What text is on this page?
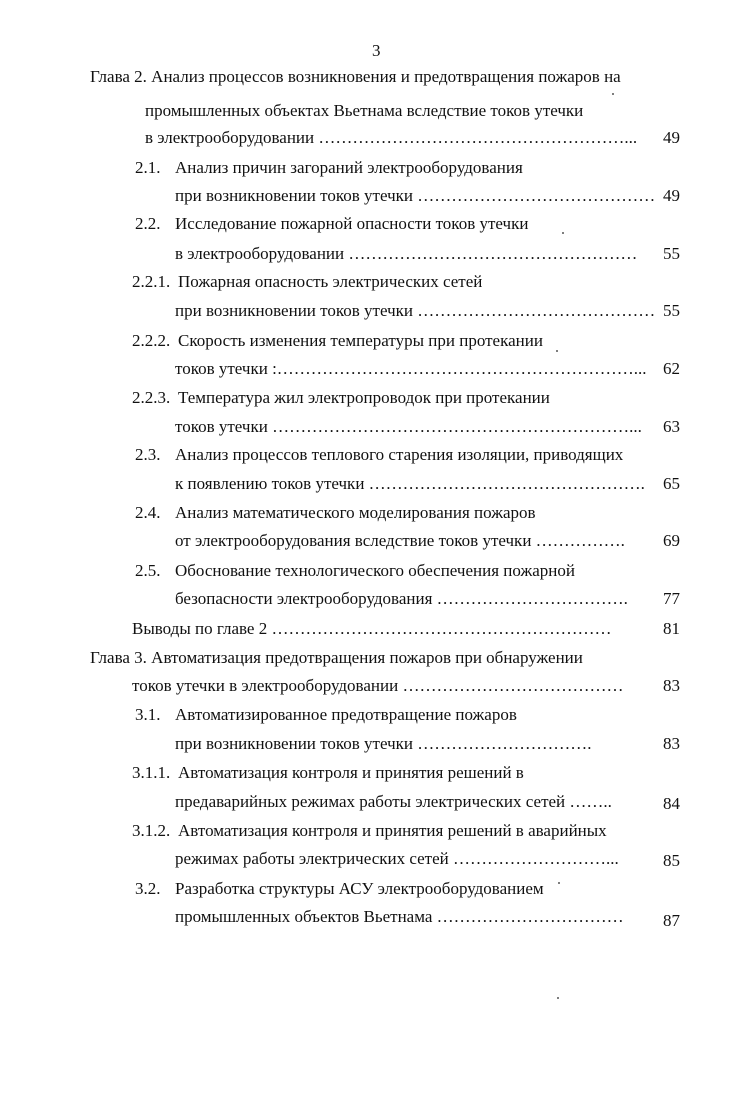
3
Глава 2. Анализ процессов возникновения и предотвращения пожаров на
промышленных объектах Вьетнама вследствие токов утечки
в электрооборудовании ………………………………………………... 49
2.1. Анализ причин загораний электрооборудования
при возникновении токов утечки …………………………………… 49
2.2. Исследование пожарной опасности токов утечки
в электрооборудовании …………………………………………… 55
2.2.1. Пожарная опасность электрических сетей
при возникновении токов утечки …………………………………… 55
2.2.2. Скорость изменения температуры при протекании
токов утечки :………………………………………………………... 62
2.2.3. Температура жил электропроводок при протекании
токов утечки ………………………………………………………... 63
2.3. Анализ процессов теплового старения изоляции, приводящих
к появлению токов утечки …………………………………………. 65
2.4. Анализ математического моделирования пожаров
от электрооборудования вследствие токов утечки ……………. 69
2.5. Обоснование технологического обеспечения пожарной
безопасности электрооборудования ……………………………. 77
Выводы по главе 2 ……………………………………………………	81
Глава 3. Автоматизация предотвращения пожаров при обнаружении
токов утечки в электрооборудовании ………………………………… 83
3.1. Автоматизированное предотвращение пожаров
при возникновении токов утечки ………………………….	83
3.1.1. Автоматизация контроля и принятия решений в
предаварийных режимах работы электрических сетей ……..	84
3.1.2. Автоматизация контроля и принятия решений в аварийных
режимах работы электрических сетей ………………………...	85
3.2. Разработка структуры АСУ электрооборудованием
промышленных объектов Вьетнама …………………………… 87
